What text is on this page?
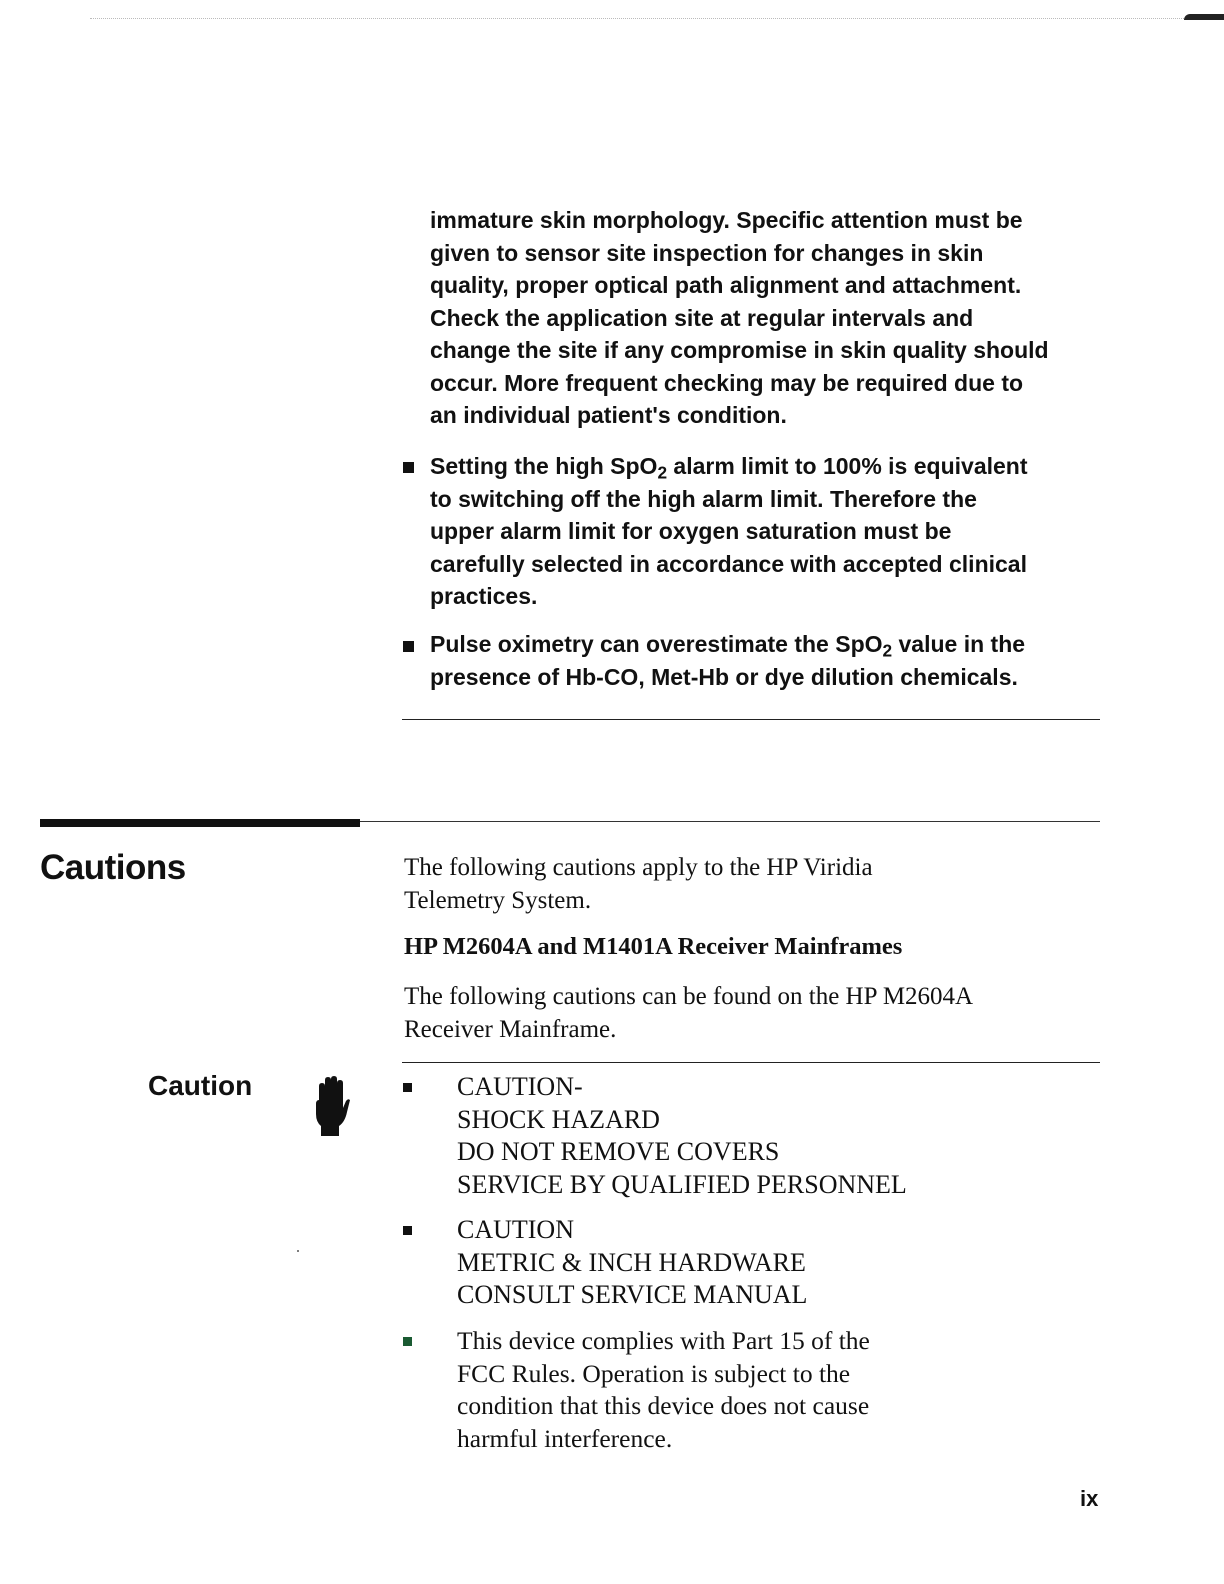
immature skin morphology. Specific attention must be

given to sensor site inspection for changes in skin

quality, proper optical path alignment and attachment.

Check the application site at regular intervals and

change the site if any compromise in skin quality should

occur. More frequent checking may be required due to

an individual patient's condition.

Setting the high SpO$_2$ alarm limit to 100% is equivalent

to switching off the high alarm limit. Therefore the

upper alarm limit for oxygen saturation must be

carefully selected in accordance with accepted clinical

practices.

Pulse oximetry can overestimate the SpO$_2$ value in the

presence of Hb-CO, Met-Hb or dye dilution chemicals.

Cautions	The following cautions apply to the HP Viridia
Telemetry System.
HP M2604A and M1401A Receiver Mainframes
The following cautions can be found on the HP M2604A
Receiver Mainframe.
Caution	CAUTION-
SHOCK HAZARD
DO NOT REMOVE COVERS
SERVICE BY QUALIFIED PERSONNEL
CAUTION
METRIC & INCH HARDWARE
CONSULT SERVICE MANUAL
This device complies with Part 15 of the
FCC Rules. Operation is subject to the
condition that this device does not cause
harmful interference.
ix
